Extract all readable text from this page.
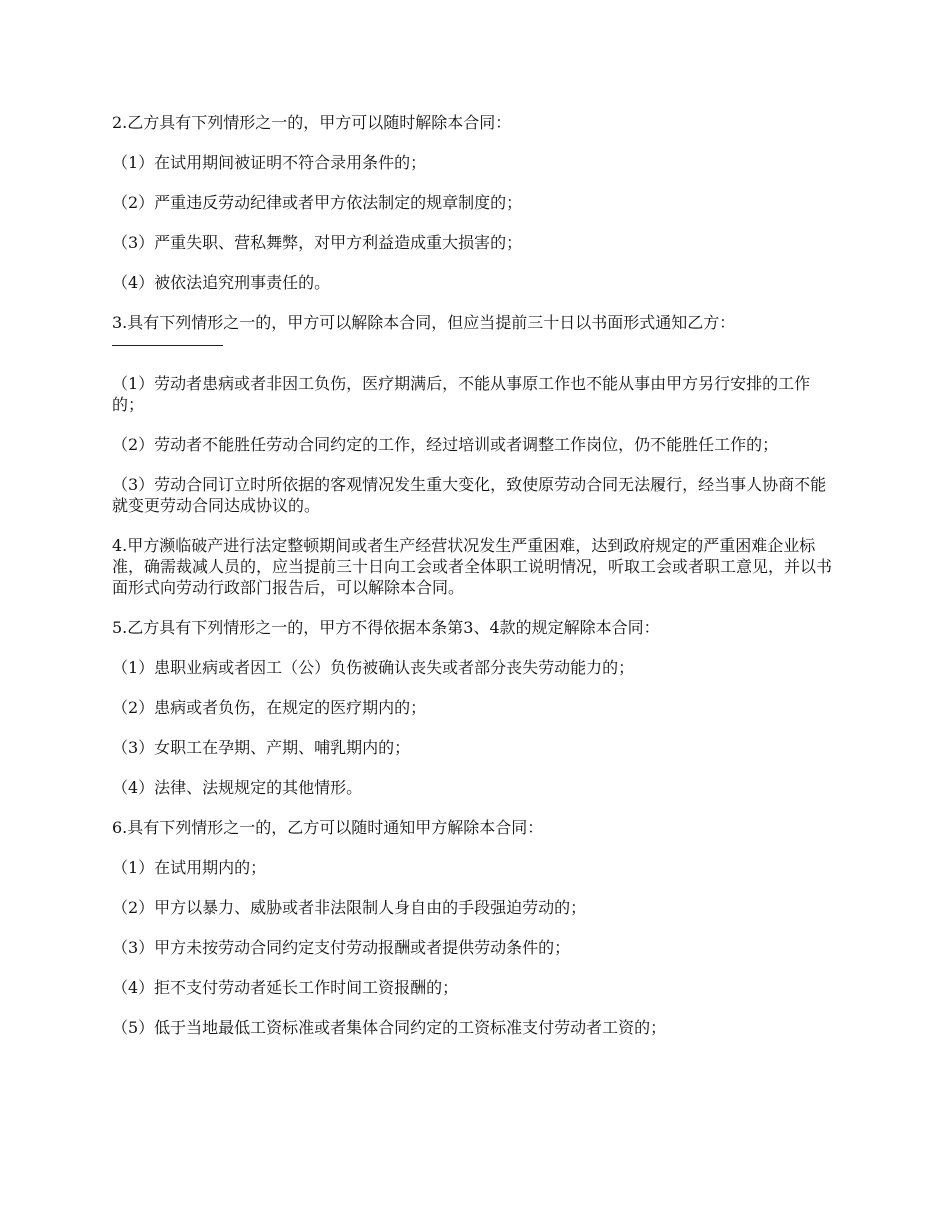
2.乙方具有下列情形之一的，甲方可以随时解除本合同：

（1）在试用期间被证明不符合录用条件的；

（2）严重违反劳动纪律或者甲方依法制定的规章制度的；

（3）严重失职、营私舞弊，对甲方利益造成重大损害的；

（4）被依法追究刑事责任的。

3.具有下列情形之一的，甲方可以解除本合同，但应当提前三十日以书面形式通知乙方：

（1）劳动者患病或者非因工负伤，医疗期满后，不能从事原工作也不能从事由甲方另行安排的工作的；

（2）劳动者不能胜任劳动合同约定的工作，经过培训或者调整工作岗位，仍不能胜任工作的；

（3）劳动合同订立时所依据的客观情况发生重大变化，致使原劳动合同无法履行，经当事人协商不能就变更劳动合同达成协议的。

4.甲方濒临破产进行法定整顿期间或者生产经营状况发生严重困难，达到政府规定的严重困难企业标准，确需裁减人员的，应当提前三十日向工会或者全体职工说明情况，听取工会或者职工意见，并以书面形式向劳动行政部门报告后，可以解除本合同。

5.乙方具有下列情形之一的，甲方不得依据本条第3、4款的规定解除本合同：

（1）患职业病或者因工（公）负伤被确认丧失或者部分丧失劳动能力的；

（2）患病或者负伤，在规定的医疗期内的；

（3）女职工在孕期、产期、哺乳期内的；

（4）法律、法规规定的其他情形。

6.具有下列情形之一的，乙方可以随时通知甲方解除本合同：

（1）在试用期内的；

（2）甲方以暴力、威胁或者非法限制人身自由的手段强迫劳动的；

（3）甲方未按劳动合同约定支付劳动报酬或者提供劳动条件的；

（4）拒不支付劳动者延长工作时间工资报酬的；

（5）低于当地最低工资标准或者集体合同约定的工资标准支付劳动者工资的；
